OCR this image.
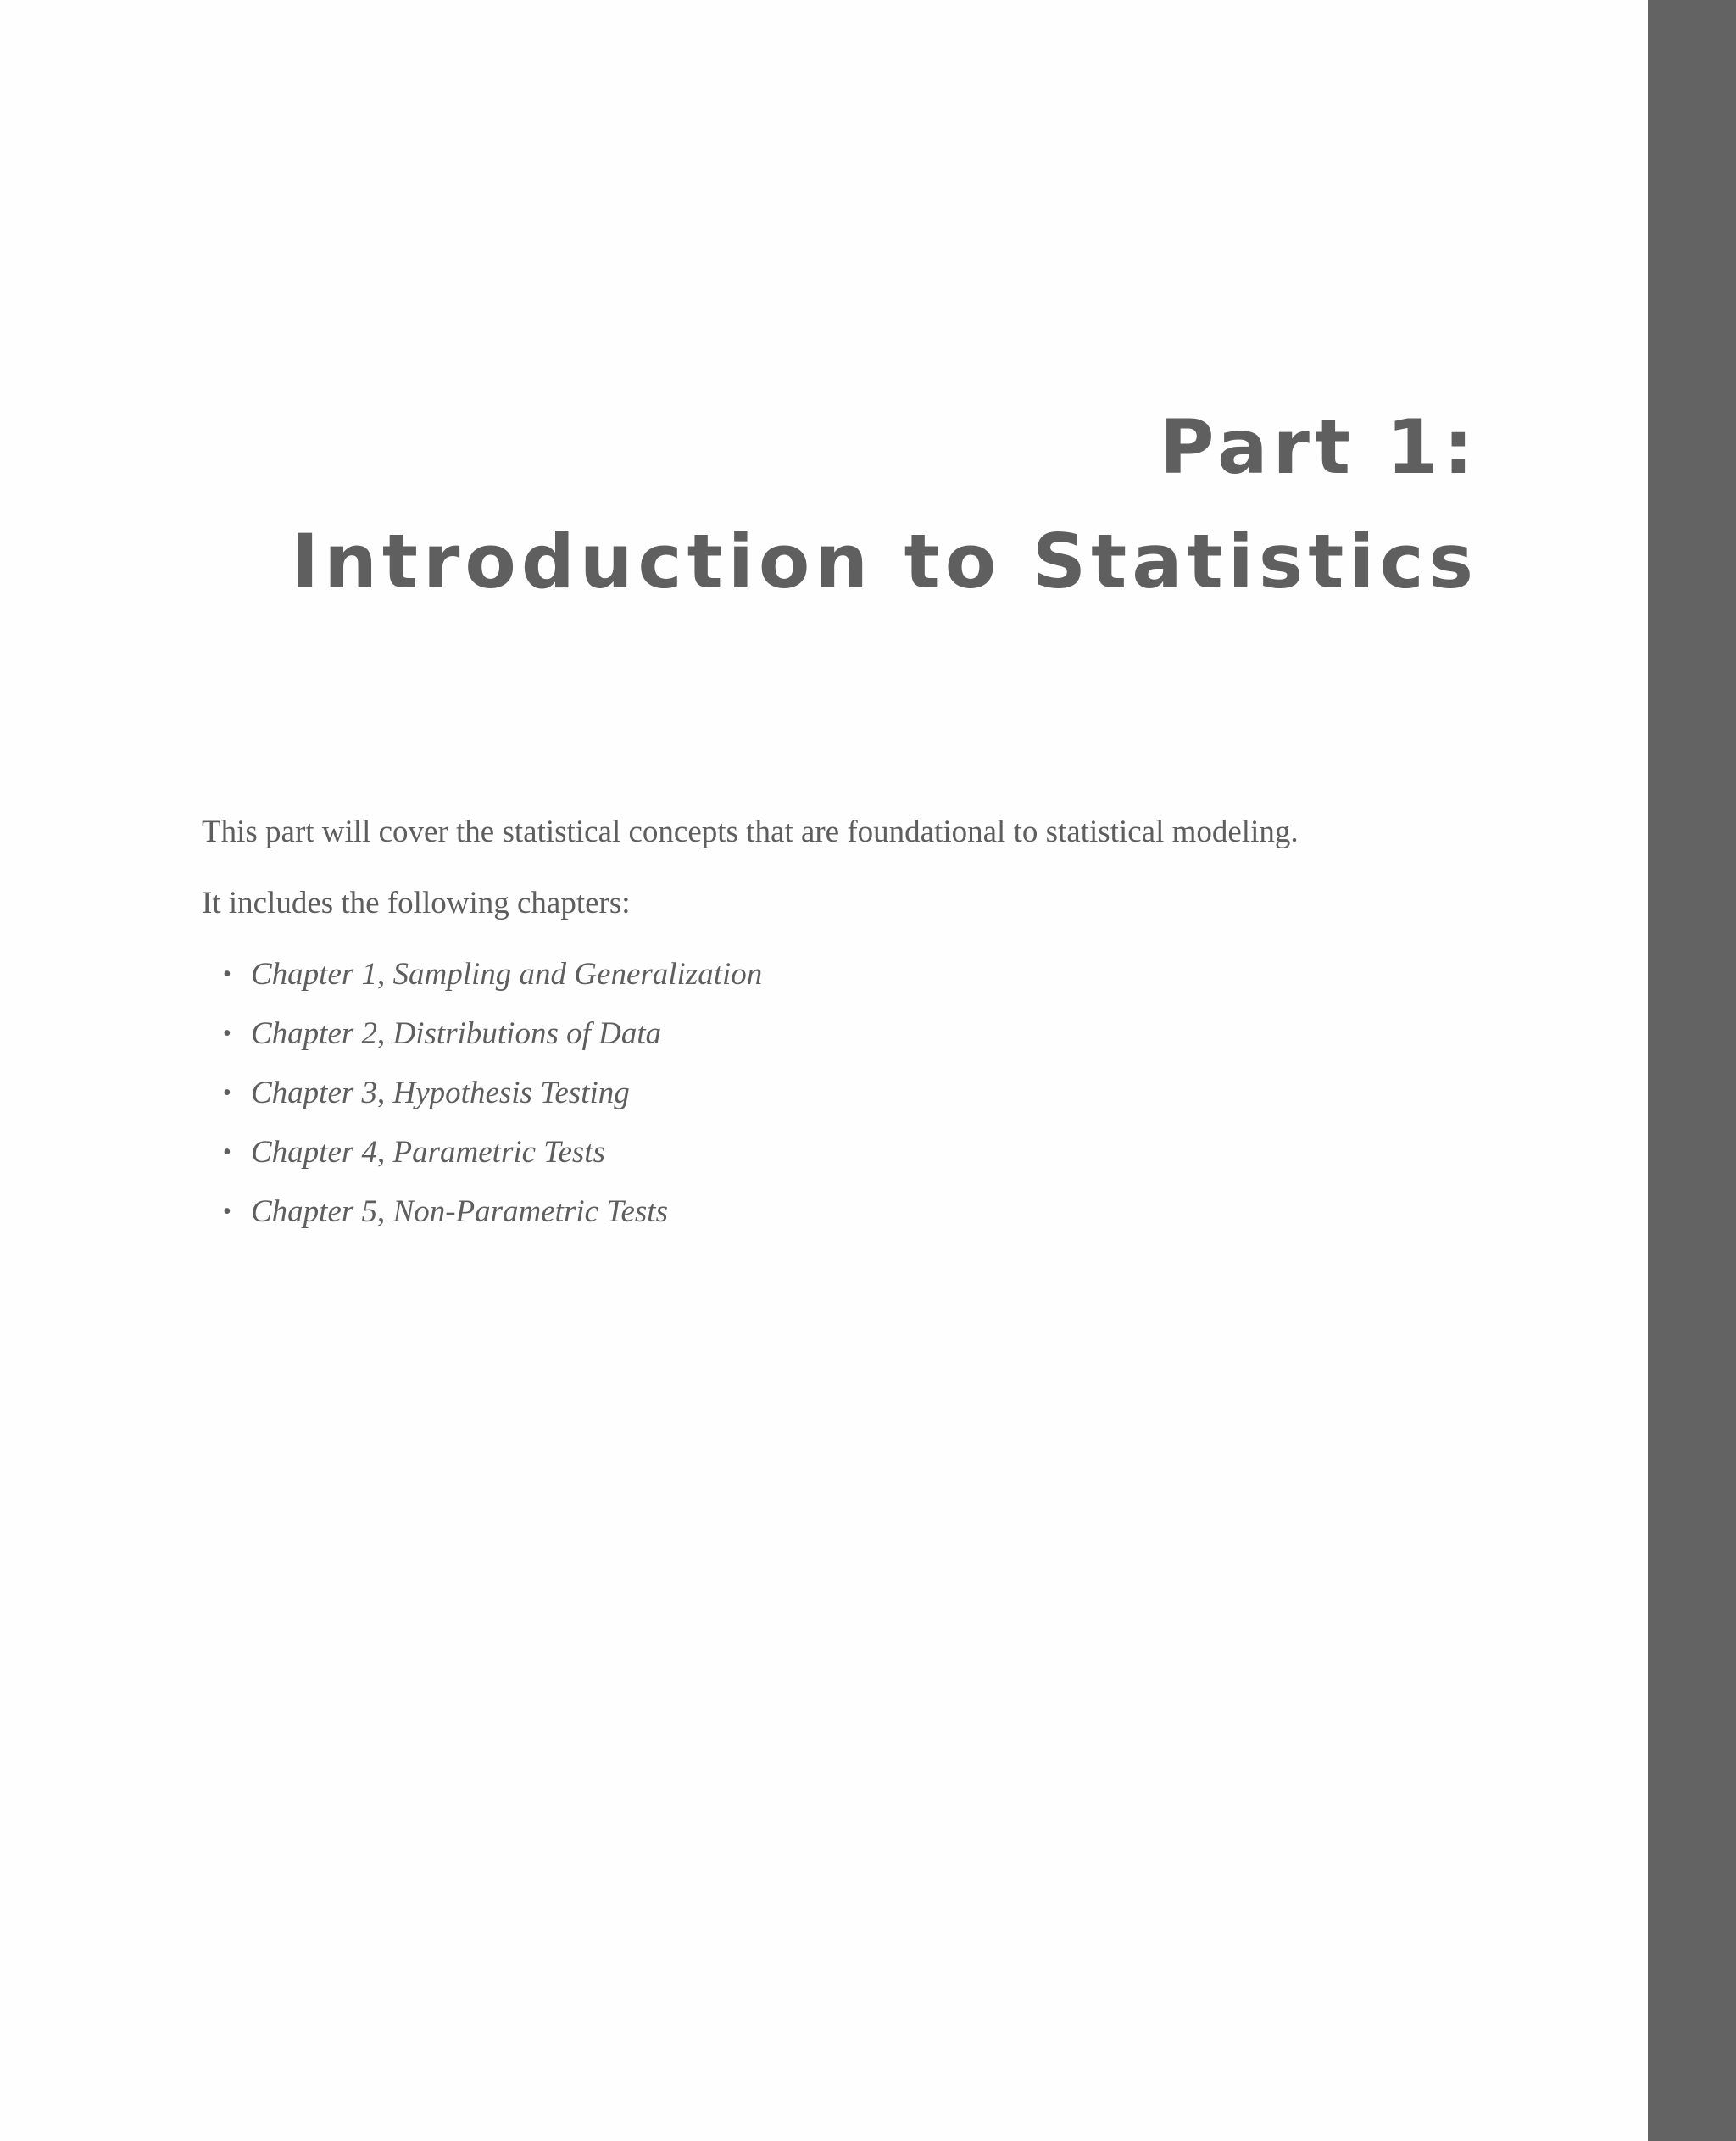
Part 1:
Introduction to Statistics

This part will cover the statistical concepts that are foundational to statistical modeling.

It includes the following chapters:

• Chapter 1, Sampling and Generalization
• Chapter 2, Distributions of Data
• Chapter 3, Hypothesis Testing
• Chapter 4, Parametric Tests
• Chapter 5, Non-Parametric Tests
